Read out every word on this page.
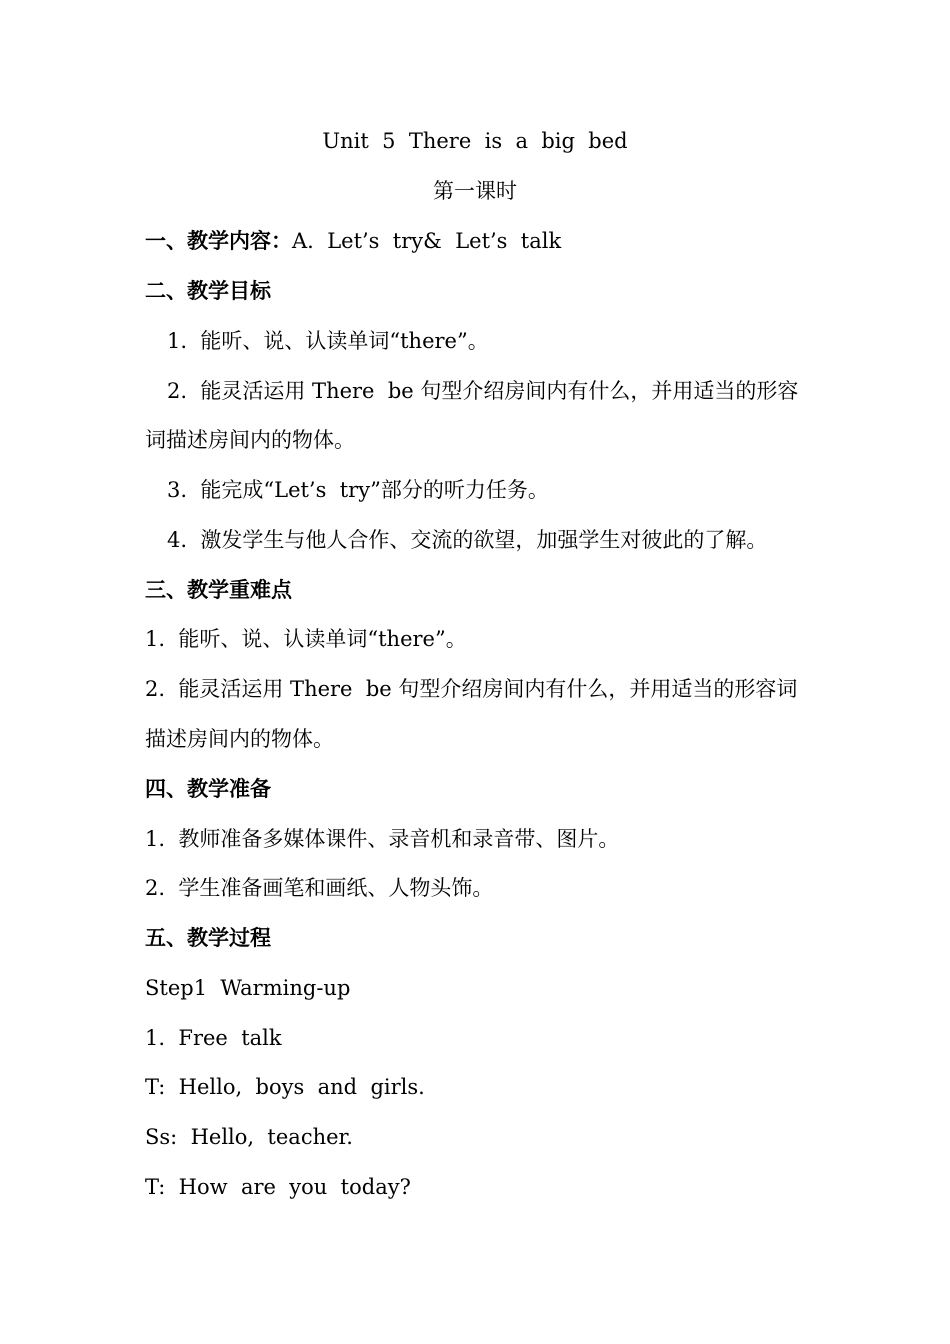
Unit  5  There  is  a  big  bed
第一课时
一、教学内容：A.  Let’s  try&  Let’s  talk
二、教学目标
1.  能听、说、认读单词“there”。
2.  能灵活运用 There  be 句型介绍房间内有什么，并用适当的形容
词描述房间内的物体。
3.  能完成“Let’s  try”部分的听力任务。
4.  激发学生与他人合作、交流的欲望，加强学生对彼此的了解。
三、教学重难点
1.  能听、说、认读单词“there”。
2.  能灵活运用 There  be 句型介绍房间内有什么，并用适当的形容词
描述房间内的物体。
四、教学准备
1.  教师准备多媒体课件、录音机和录音带、图片。
2.  学生准备画笔和画纸、人物头饰。
五、教学过程
Step1  Warming-up
1.  Free  talk
T:  Hello,  boys  and  girls.
Ss:  Hello,  teacher.
T:  How  are  you  today?
